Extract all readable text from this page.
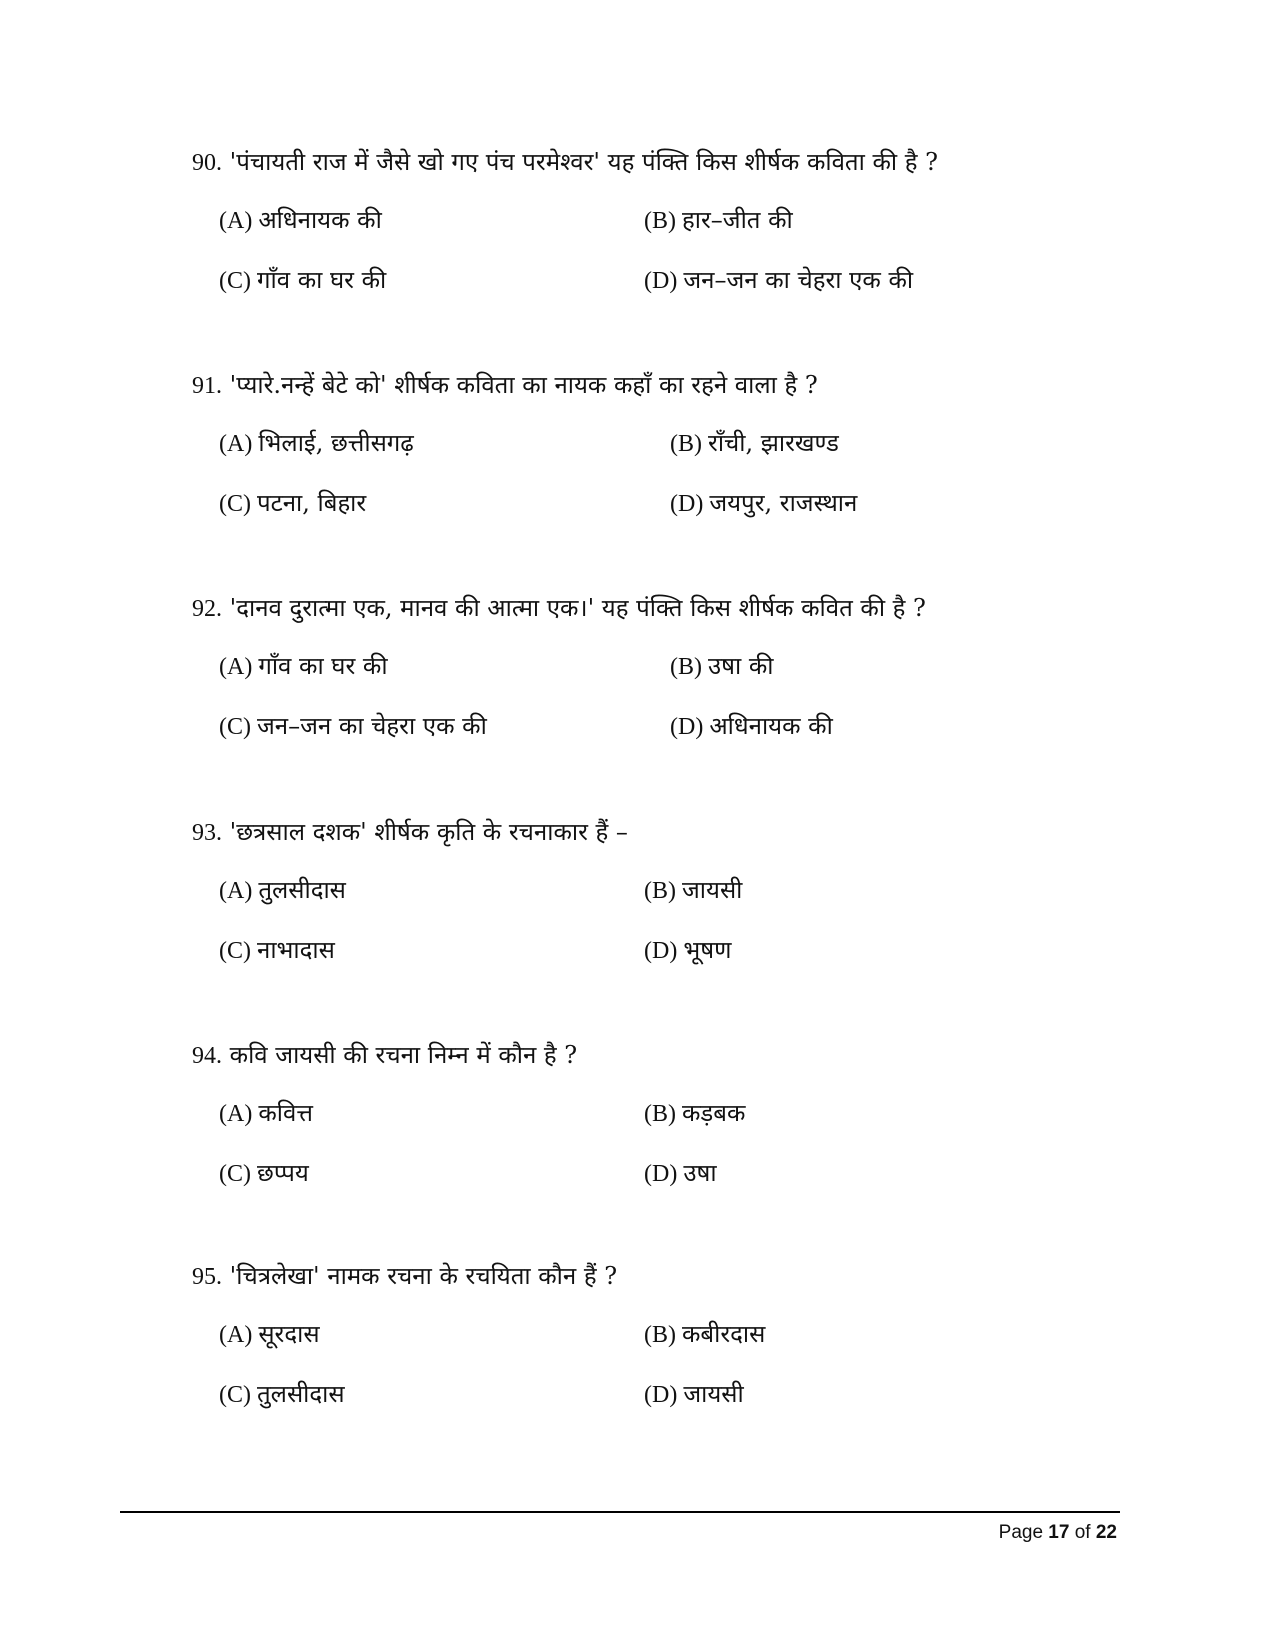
90. 'पंचायती राज में जैसे खो गए पंच परमेश्वर' यह पंक्ति किस शीर्षक कविता की है ?
(A) अधिनायक की	(B) हार–जीत की
(C) गाँव का घर की	(D) जन–जन का चेहरा एक की
91. 'प्यारे.नन्हें बेटे को' शीर्षक कविता का नायक कहाँ का रहने वाला है ?
(A) भिलाई, छत्तीसगढ़	(B) राँची, झारखण्ड
(C) पटना, बिहार	(D) जयपुर, राजस्थान
92. 'दानव दुरात्मा एक, मानव की आत्मा एक।' यह पंक्ति किस शीर्षक कवित की है ?
(A) गाँव का घर की	(B) उषा की
(C) जन–जन का चेहरा एक की	(D) अधिनायक की
93. 'छत्रसाल दशक' शीर्षक कृति के रचनाकार हैं –
(A) तुलसीदास	(B) जायसी
(C) नाभादास	(D) भूषण
94. कवि जायसी की रचना निम्न में कौन है ?
(A) कवित्त	(B) कड़बक
(C) छप्पय	(D) उषा
95. 'चित्रलेखा' नामक रचना के रचयिता कौन हैं ?
(A) सूरदास	(B) कबीरदास
(C) तुलसीदास	(D) जायसी
Page 17 of 22
